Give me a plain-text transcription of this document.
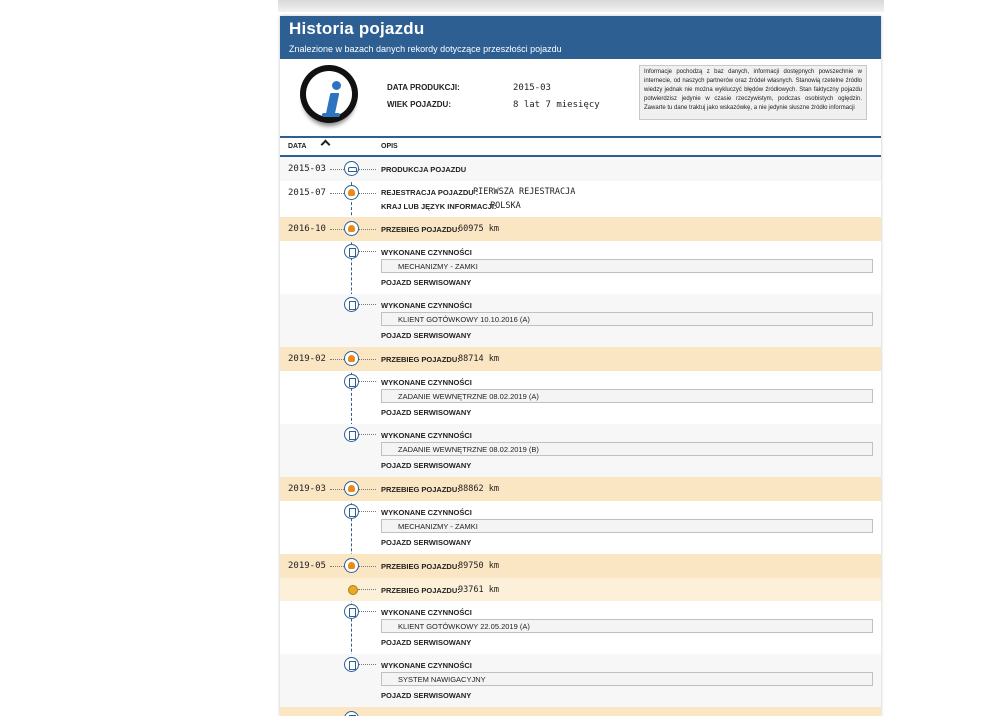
Historia pojazdu
Znalezione w bazach danych rekordy dotyczące przeszłości pojazdu
DATA PRODUKCJI:	2015-03
WIEK POJAZDU:	8 lat 7 miesięcy
Informacje pochodzą z baz danych, informacji dostępnych powszechnie w internecie, od naszych partnerów oraz źródeł własnych. Stanowią rzetelne źródło wiedzy jednak nie można wykluczyć błędów źródłowych. Stan faktyczny pojazdu potwierdzisz jedynie w czasie rzeczywistym, podczas osobistych oględzin. Zawarte tu dane traktuj jako wskazówkę, a nie jedynie słuszne źródło informacji
DATA	OPIS
2015-03	PRODUKCJA POJAZDU
2015-07	REJESTRACJA POJAZDU :
PIERWSZA REJESTRACJA
KRAJ LUB JĘZYK INFORMACJI:
POLSKA
2016-10	PRZEBIEG POJAZDU:
60975 km
WYKONANE CZYNNOŚCI
MECHANIZMY - ZAMKI
POJAZD SERWISOWANY
WYKONANE CZYNNOŚCI
KLIENT GOTÓWKOWY 10.10.2016 (A)
POJAZD SERWISOWANY
2019-02	PRZEBIEG POJAZDU:
88714 km
WYKONANE CZYNNOŚCI
ZADANIE WEWNĘTRZNE 08.02.2019 (A)
POJAZD SERWISOWANY
WYKONANE CZYNNOŚCI
ZADANIE WEWNĘTRZNE 08.02.2019 (B)
POJAZD SERWISOWANY
2019-03	PRZEBIEG POJAZDU:
88862 km
WYKONANE CZYNNOŚCI
MECHANIZMY - ZAMKI
POJAZD SERWISOWANY
2019-05	PRZEBIEG POJAZDU:
89750 km
PRZEBIEG POJAZDU:
93761 km
WYKONANE CZYNNOŚCI
KLIENT GOTÓWKOWY 22.05.2019 (A)
POJAZD SERWISOWANY
WYKONANE CZYNNOŚCI
SYSTEM NAWIGACYJNY
POJAZD SERWISOWANY
